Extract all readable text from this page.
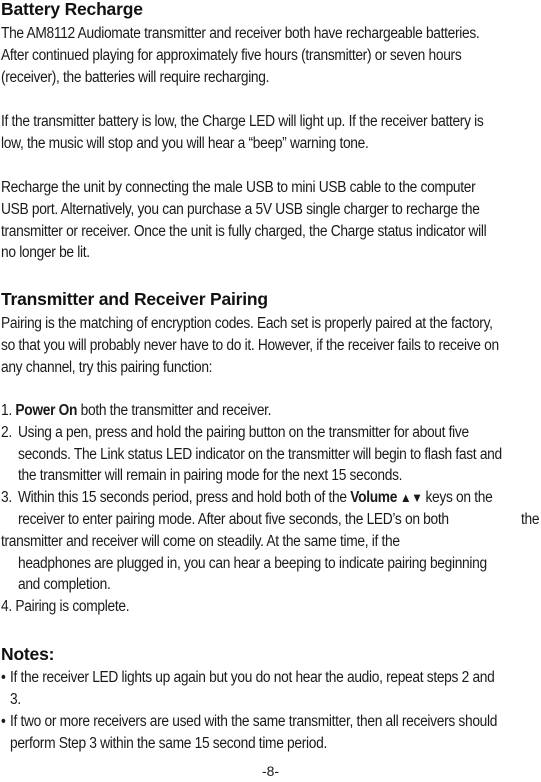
Battery Recharge
The AM8112 Audiomate transmitter and receiver both have rechargeable batteries.
After continued playing for approximately five hours (transmitter) or seven hours
(receiver), the batteries will require recharging.
If the transmitter battery is low, the Charge LED will light up. If the receiver battery is
low, the music will stop and you will hear a “beep” warning tone.
Recharge the unit by connecting the male USB to mini USB cable to the computer
USB port. Alternatively, you can purchase a 5V USB single charger to recharge the
transmitter or receiver. Once the unit is fully charged, the Charge status indicator will
no longer be lit.
Transmitter and Receiver Pairing
Pairing is the matching of encryption codes. Each set is properly paired at the factory,
so that you will probably never have to do it. However, if the receiver fails to receive on
any channel, try this pairing function:
1. Power On both the transmitter and receiver.
2. Using a pen, press and hold the pairing button on the transmitter for about five
seconds. The Link status LED indicator on the transmitter will begin to flash fast and
the transmitter will remain in pairing mode for the next 15 seconds.
3. Within this 15 seconds period, press and hold both of the Volume ▲▼ keys on the
receiver to enter pairing mode. After about five seconds, the LED’s on both	the
transmitter and receiver will come on steadily. At the same time, if the
headphones are plugged in, you can hear a beeping to indicate pairing beginning
and completion.
4. Pairing is complete.
Notes:
• If the receiver LED lights up again but you do not hear the audio, repeat steps 2 and
3.
• If two or more receivers are used with the same transmitter, then all receivers should
perform Step 3 within the same 15 second time period.
-8-
